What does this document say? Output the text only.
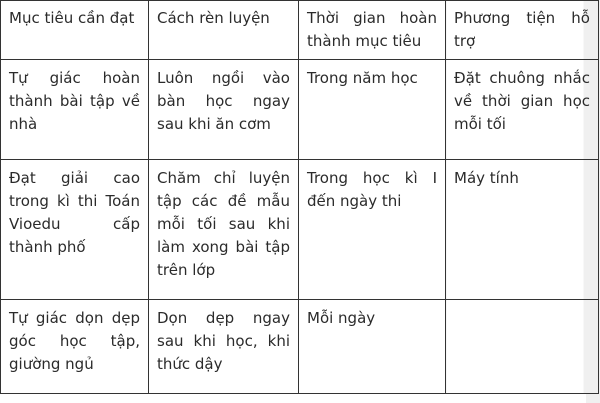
Mục tiêu cần đạt	Cách rèn luyện	Thời gian hoàn thành mục tiêu	Phương tiện hỗ trợ
Tự giác hoàn thành bài tập về nhà	Luôn ngồi vào bàn học ngay sau khi ăn cơm	Trong năm học	Đặt chuông nhắc về thời gian học mỗi tối
Đạt giải cao trong kì thi Toán Vioedu cấp thành phố	Chăm chỉ luyện tập các đề mẫu mỗi tối sau khi làm xong bài tập trên lớp	Trong học kì I đến ngày thi	Máy tính
Tự giác dọn dẹp góc học tập, giường ngủ	Dọn dẹp ngay sau khi học, khi thức dậy	Mỗi ngày	
